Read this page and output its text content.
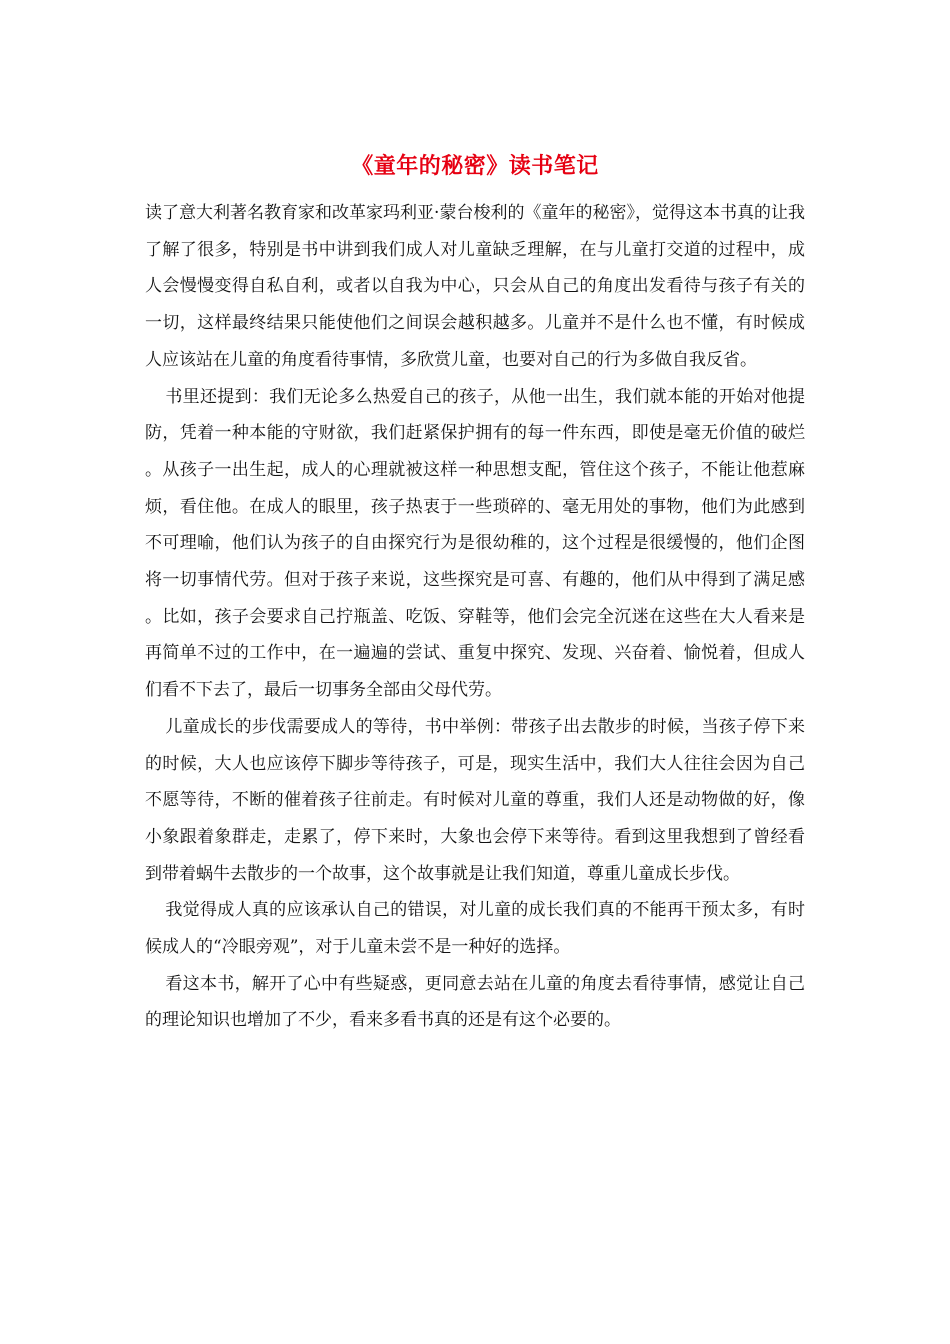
《童年的秘密》读书笔记

读了意大利著名教育家和改革家玛利亚·蒙台梭利的《童年的秘密》，觉得这本书真的让我了解了很多，特别是书中讲到我们成人对儿童缺乏理解，在与儿童打交道的过程中，成人会慢慢变得自私自利，或者以自我为中心，只会从自己的角度出发看待与孩子有关的一切，这样最终结果只能使他们之间误会越积越多。儿童并不是什么也不懂，有时候成人应该站在儿童的角度看待事情，多欣赏儿童，也要对自己的行为多做自我反省。

书里还提到：我们无论多么热爱自己的孩子，从他一出生，我们就本能的开始对他提防，凭着一种本能的守财欲，我们赶紧保护拥有的每一件东西，即使是毫无价值的破烂。从孩子一出生起，成人的心理就被这样一种思想支配，管住这个孩子，不能让他惹麻烦，看住他。在成人的眼里，孩子热衷于一些琐碎的、毫无用处的事物，他们为此感到不可理喻，他们认为孩子的自由探究行为是很幼稚的，这个过程是很缓慢的，他们企图将一切事情代劳。但对于孩子来说，这些探究是可喜、有趣的，他们从中得到了满足感。比如，孩子会要求自己拧瓶盖、吃饭、穿鞋等，他们会完全沉迷在这些在大人看来是再简单不过的工作中，在一遍遍的尝试、重复中探究、发现、兴奋着、愉悦着，但成人们看不下去了，最后一切事务全部由父母代劳。

儿童成长的步伐需要成人的等待，书中举例：带孩子出去散步的时候，当孩子停下来的时候，大人也应该停下脚步等待孩子，可是，现实生活中，我们大人往往会因为自己不愿等待，不断的催着孩子往前走。有时候对儿童的尊重，我们人还是动物做的好，像小象跟着象群走，走累了，停下来时，大象也会停下来等待。看到这里我想到了曾经看到带着蜗牛去散步的一个故事，这个故事就是让我们知道，尊重儿童成长步伐。

我觉得成人真的应该承认自己的错误，对儿童的成长我们真的不能再干预太多，有时候成人的“冷眼旁观”，对于儿童未尝不是一种好的选择。

看这本书，解开了心中有些疑惑，更同意去站在儿童的角度去看待事情，感觉让自己的理论知识也增加了不少，看来多看书真的还是有这个必要的。
